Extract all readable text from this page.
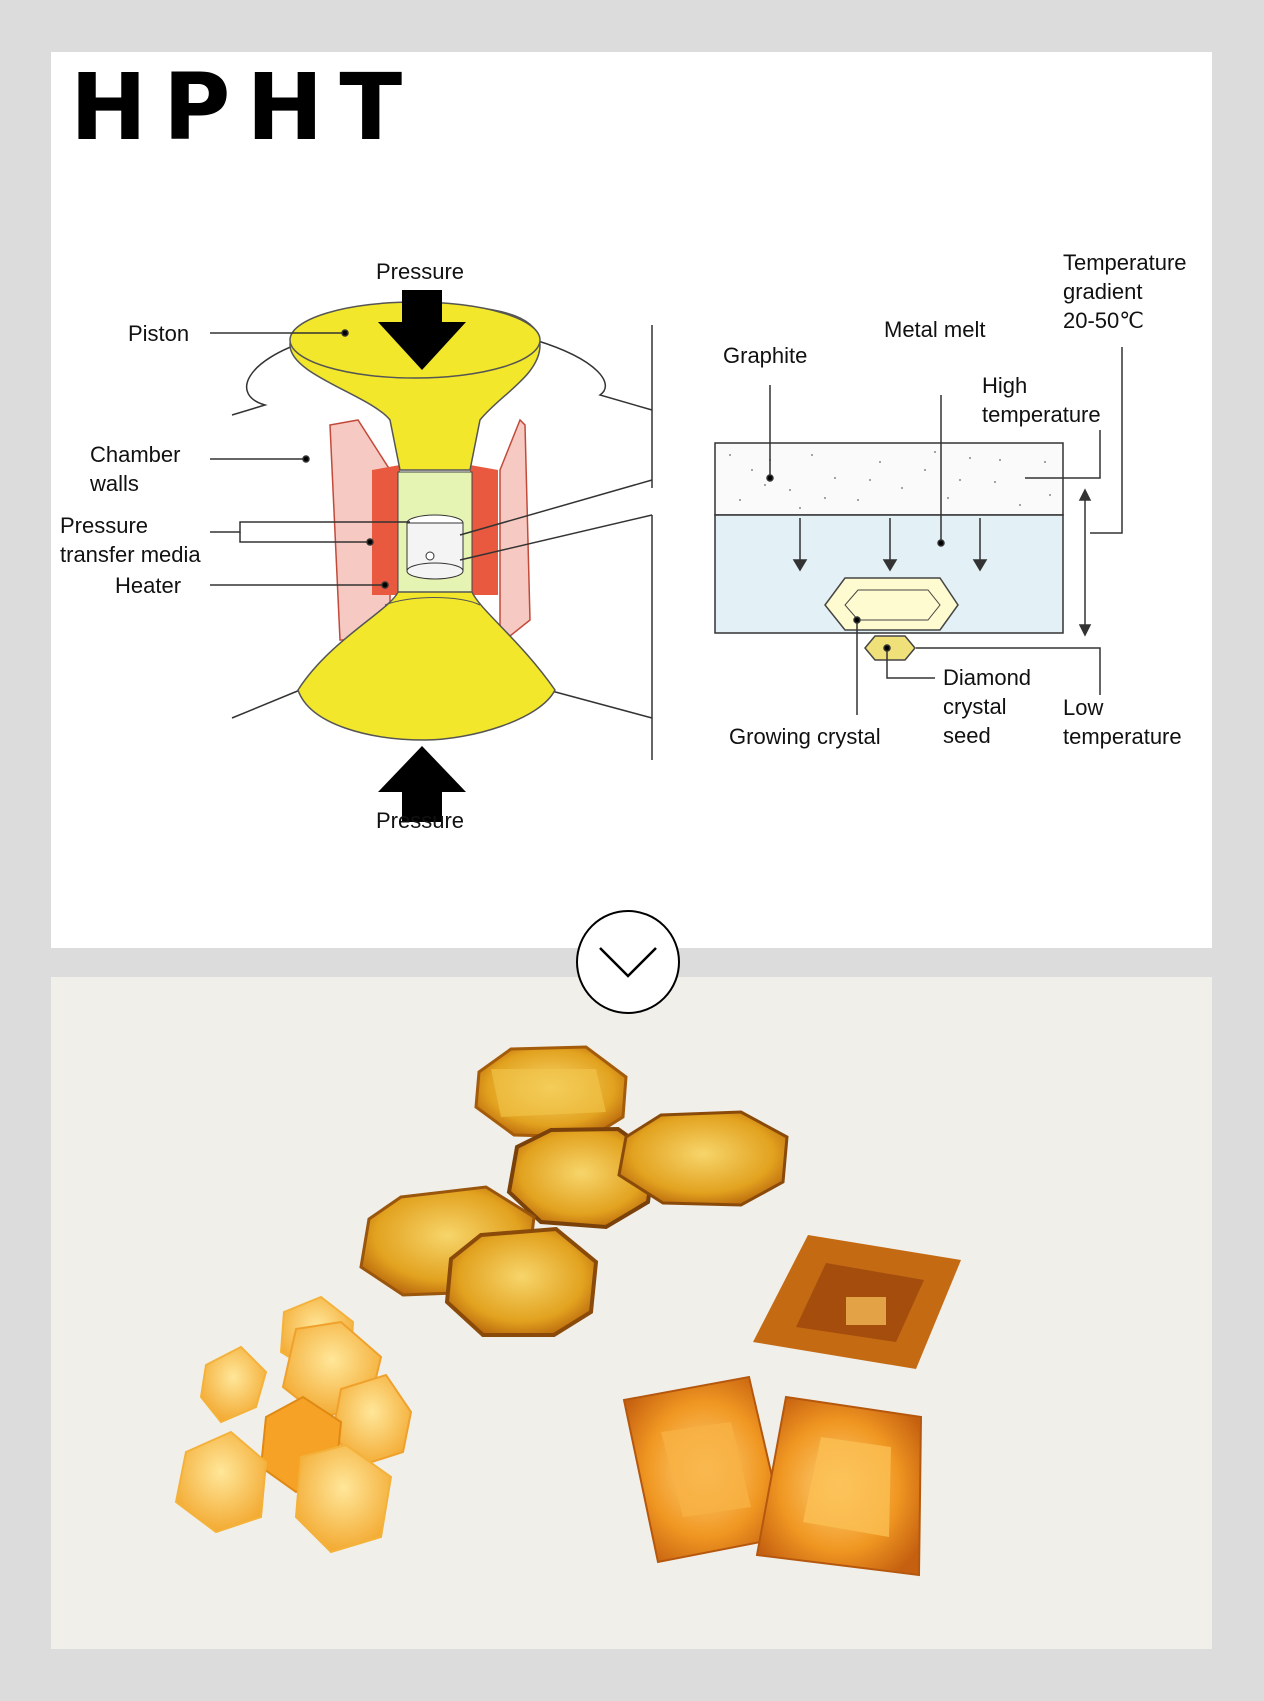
HPHT
Pressure
Pressure
Piston
Chamber
walls
Pressure
transfer media
Heater
Graphite
Metal melt
Temperature
gradient
20-50℃
High
temperature
Diamond
crystal
seed
Low
temperature
Growing crystal
